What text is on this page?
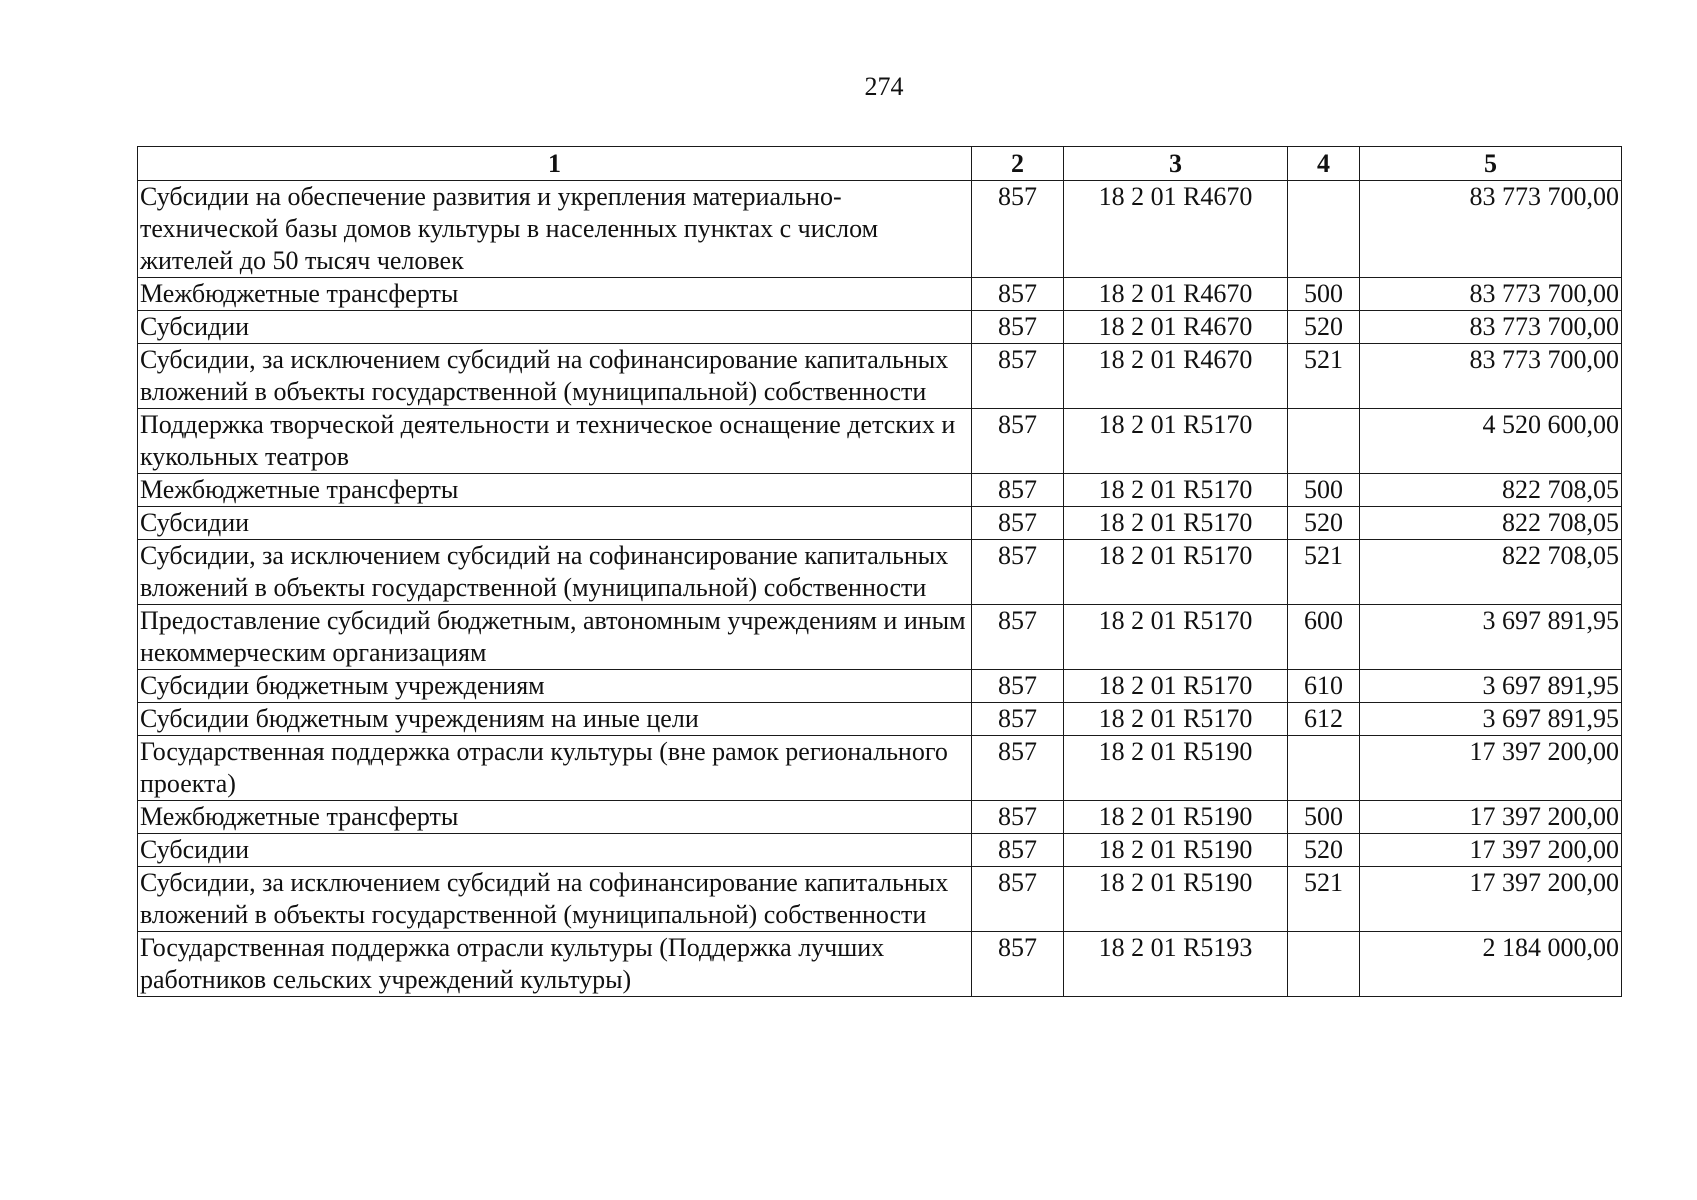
274
1	2	3	4	5
Субсидии на обеспечение развития и укрепления материально-технической базы домов культуры в населенных пунктах с числом жителей до 50 тысяч человек	857	18 2 01 R4670		83 773 700,00
Межбюджетные трансферты	857	18 2 01 R4670	500	83 773 700,00
Субсидии	857	18 2 01 R4670	520	83 773 700,00
Субсидии, за исключением субсидий на софинансирование капитальных вложений в объекты государственной (муниципальной) собственности	857	18 2 01 R4670	521	83 773 700,00
Поддержка творческой деятельности и техническое оснащение детских и кукольных театров	857	18 2 01 R5170		4 520 600,00
Межбюджетные трансферты	857	18 2 01 R5170	500	822 708,05
Субсидии	857	18 2 01 R5170	520	822 708,05
Субсидии, за исключением субсидий на софинансирование капитальных вложений в объекты государственной (муниципальной) собственности	857	18 2 01 R5170	521	822 708,05
Предоставление субсидий бюджетным, автономным учреждениям и иным некоммерческим организациям	857	18 2 01 R5170	600	3 697 891,95
Субсидии бюджетным учреждениям	857	18 2 01 R5170	610	3 697 891,95
Субсидии бюджетным учреждениям на иные цели	857	18 2 01 R5170	612	3 697 891,95
Государственная поддержка отрасли культуры (вне рамок регионального проекта)	857	18 2 01 R5190		17 397 200,00
Межбюджетные трансферты	857	18 2 01 R5190	500	17 397 200,00
Субсидии	857	18 2 01 R5190	520	17 397 200,00
Субсидии, за исключением субсидий на софинансирование капитальных вложений в объекты государственной (муниципальной) собственности	857	18 2 01 R5190	521	17 397 200,00
Государственная поддержка отрасли культуры (Поддержка лучших работников сельских учреждений культуры)	857	18 2 01 R5193		2 184 000,00
